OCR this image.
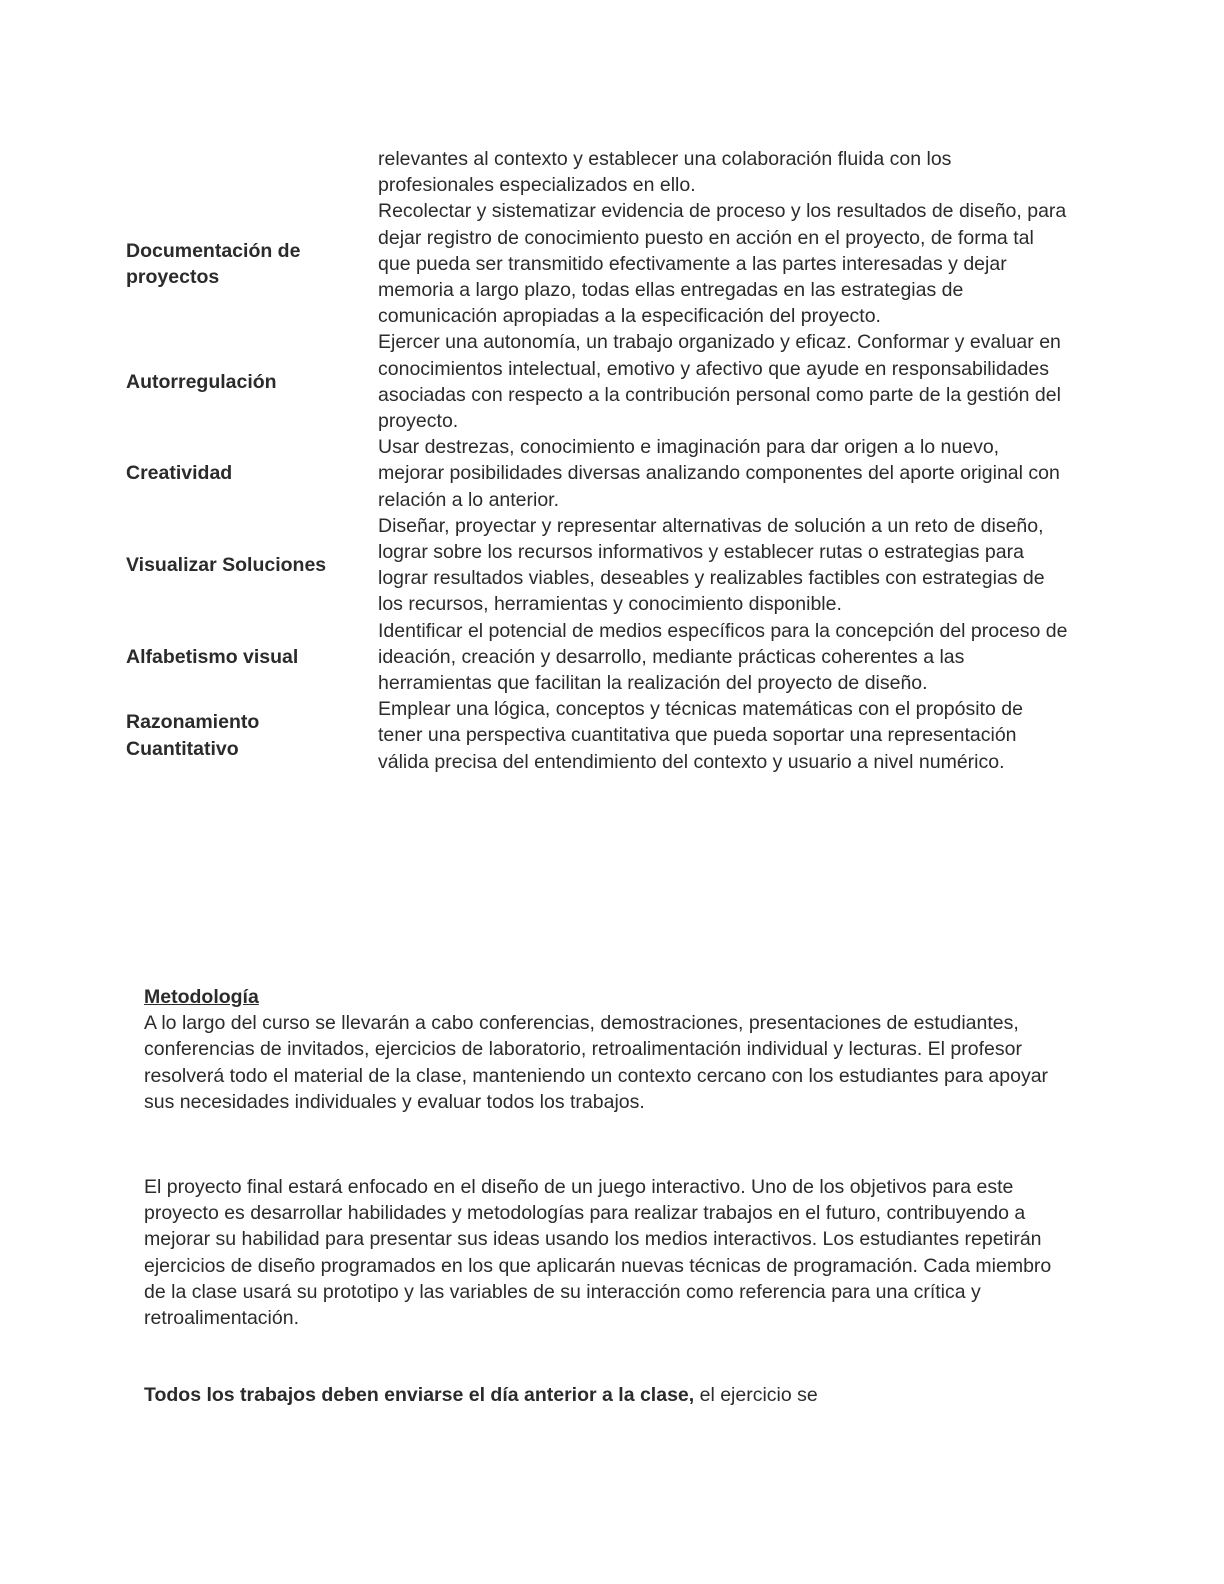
	relevantes al contexto y establecer una colaboración fluida con los profesionales especializados en ello.
Documentación de proyectos	Recolectar y sistematizar evidencia de proceso y los resultados de diseño, para dejar registro de conocimiento puesto en acción en el proyecto, de forma tal que pueda ser transmitido efectivamente a las partes interesadas y dejar memoria a largo plazo, todas ellas entregadas en las estrategias de comunicación apropiadas a la especificación del proyecto.
Autorregulación	Ejercer una autonomía, un trabajo organizado y eficaz. Conformar y evaluar en conocimientos intelectual, emotivo y afectivo que ayude en responsabilidades asociadas con respecto a la contribución personal como parte de la gestión del proyecto.
Creatividad	Usar destrezas, conocimiento e imaginación para dar origen a lo nuevo, mejorar posibilidades diversas analizando componentes del aporte original con relación a lo anterior.
Visualizar Soluciones	Diseñar, proyectar y representar alternativas de solución a un reto de diseño, lograr sobre los recursos informativos y establecer rutas o estrategias para lograr resultados viables, deseables y realizables factibles con estrategias de los recursos, herramientas y conocimiento disponible.
Alfabetismo visual	Identificar el potencial de medios específicos para la concepción del proceso de ideación, creación y desarrollo, mediante prácticas coherentes a las herramientas que facilitan la realización del proyecto de diseño.
Razonamiento Cuantitativo	Emplear una lógica, conceptos y técnicas matemáticas con el propósito de tener una perspectiva cuantitativa que pueda soportar una representación válida precisa del entendimiento del contexto y usuario a nivel numérico.

Metodología
A lo largo del curso se llevarán a cabo conferencias, demostraciones, presentaciones de estudiantes, conferencias de invitados, ejercicios de laboratorio, retroalimentación individual y lecturas. El profesor resolverá todo el material de la clase, manteniendo un contexto cercano con los estudiantes para apoyar sus necesidades individuales y evaluar todos los trabajos.

El proyecto final estará enfocado en el diseño de un juego interactivo. Uno de los objetivos para este proyecto es desarrollar habilidades y metodologías para realizar trabajos en el futuro, contribuyendo a mejorar su habilidad para presentar sus ideas usando los medios interactivos. Los estudiantes repetirán ejercicios de diseño programados en los que aplicarán nuevas técnicas de programación. Cada miembro de la clase usará su prototipo y las variables de su interacción como referencia para una crítica y retroalimentación.

Todos los trabajos deben enviarse el día anterior a la clase, el ejercicio se
